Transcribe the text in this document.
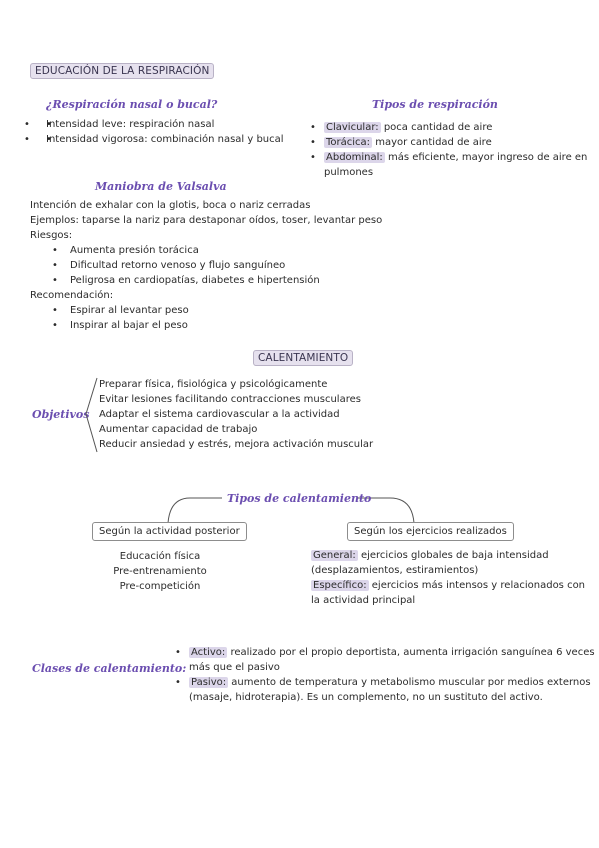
EDUCACIÓN DE LA RESPIRACIÓN
¿Respiración nasal o bucal?
• • Intensidad leve: respiración nasal
• • Intensidad vigorosa: combinación nasal y bucal
Tipos de respiración
• Clavicular: poca cantidad de aire
• Torácica: mayor cantidad de aire
• Abdominal: más eficiente, mayor ingreso de aire en
pulmones
Maniobra de Valsalva
Intención de exhalar con la glotis, boca o nariz cerradas
Ejemplos: taparse la nariz para destaponar oídos, toser, levantar peso
Riesgos:
• Aumenta presión torácica
• Dificultad retorno venoso y flujo sanguíneo
• Peligrosa en cardiopatías, diabetes e hipertensión
Recomendación:
• Espirar al levantar peso
• Inspirar al bajar el peso
CALENTAMIENTO
Objetivos
Preparar física, fisiológica y psicológicamente
Evitar lesiones facilitando contracciones musculares
Adaptar el sistema cardiovascular a la actividad
Aumentar capacidad de trabajo
Reducir ansiedad y estrés, mejora activación muscular
Tipos de calentamiento
Según la actividad posterior	Según los ejercicios realizados
Educación física
Pre-entrenamiento
Pre-competición
General: ejercicios globales de baja intensidad
(desplazamientos, estiramientos)
Específico: ejercicios más intensos y relacionados con
la actividad principal
Clases de calentamiento:
• Activo: realizado por el propio deportista, aumenta irrigación sanguínea 6 veces
más que el pasivo
• Pasivo: aumento de temperatura y metabolismo muscular por medios externos
(masaje, hidroterapia). Es un complemento, no un sustituto del activo.
